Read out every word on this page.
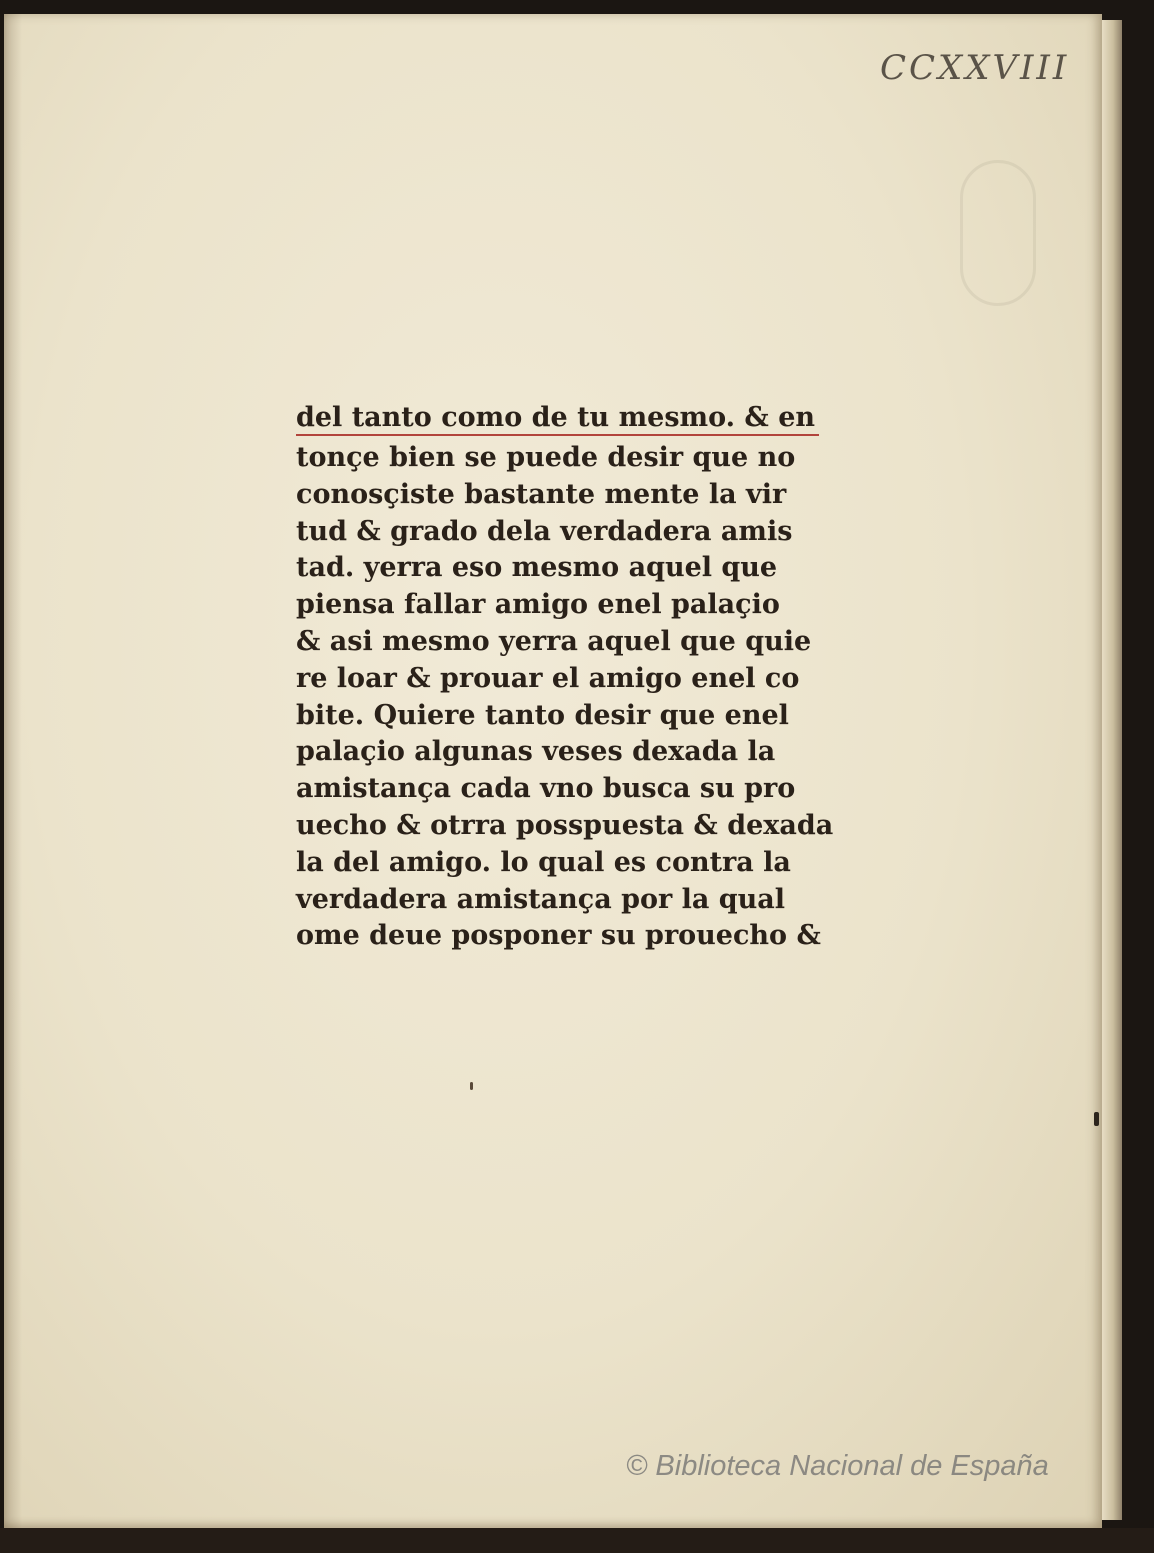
CCXXVIII
del tanto como de tu mesmo. & en
tonçe bien se puede desir que no
conosçiste bastante mente la vir
tud & grado dela verdadera amis
tad. yerra eso mesmo aquel que
piensa fallar amigo enel palaçio
& asi mesmo yerra aquel que quie
re loar & prouar el amigo enel co
bite. Quiere tanto desir que enel
palaçio algunas veses dexada la
amistança cada vno busca su pro
uecho & otrra posspuesta & dexada
la del amigo. lo qual es contra la
verdadera amistança por la qual
ome deue posponer su prouecho &
© Biblioteca Nacional de España
